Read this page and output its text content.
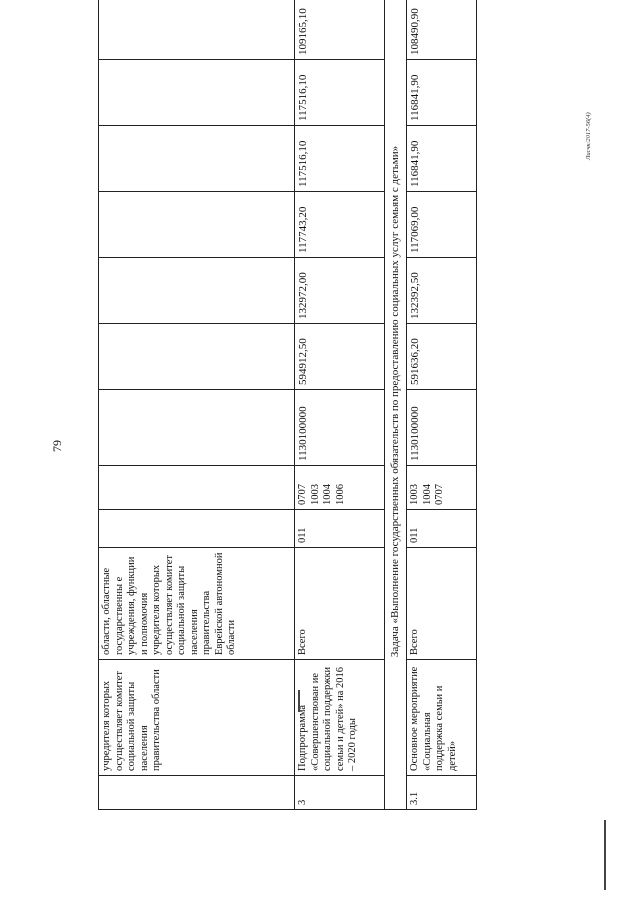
79
Лисчк/2017-56(4)
	учредителя которых осуществляет комитет социальной защиты населения правительства области	области, областные государственны е учреждения, функции и полномочия учредителя которых осуществляет комитет социальной защиты населения правительства Еврейской автономной области									
3	Подпрограмма «Совершенствован ие социальной поддержки семьи и детей» на 2016 – 2020 годы	Всего	011	0707
1003
1004
1006	1130100000	594912,50	132972,00	117743,20	117516,10	117516,10	109165,10
Задача «Выполнение государственных обязательств по предоставлению социальных услуг семьям с детьми»											
3.1	Основное мероприятие «Социальная поддержка семьи и детей»	Всего	011	1003
1004
0707	1130100000	591636,20	132392,50	117069,00	116841,90	116841,90	108490,90
